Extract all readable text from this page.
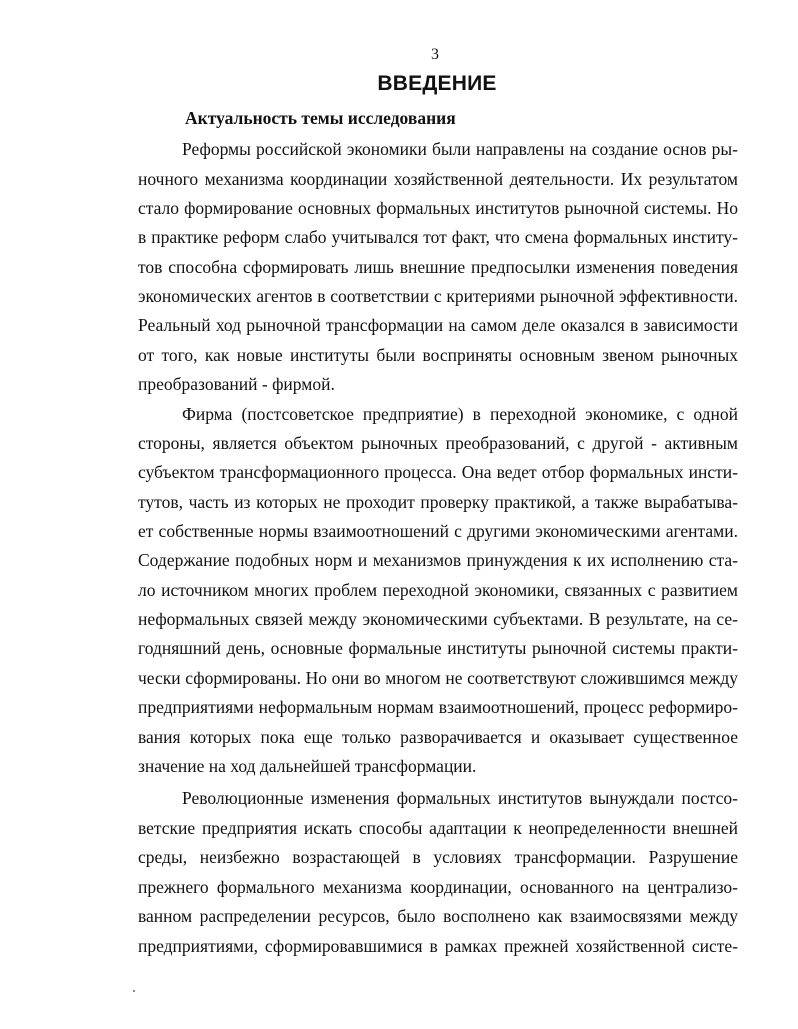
3
ВВЕДЕНИЕ
Актуальность темы исследования
Реформы российской экономики были направлены на создание основ ры-
ночного механизма координации хозяйственной деятельности. Их результатом
стало формирование основных формальных институтов рыночной системы. Но
в практике реформ слабо учитывался тот факт, что смена формальных институ-
тов способна сформировать лишь внешние предпосылки изменения поведения
экономических агентов в соответствии с критериями рыночной эффективности.
Реальный ход рыночной трансформации на самом деле оказался в зависимости
от того, как новые институты были восприняты основным звеном рыночных
преобразований - фирмой.
Фирма (постсоветское предприятие) в переходной экономике, с одной
стороны, является объектом рыночных преобразований, с другой - активным
субъектом трансформационного процесса. Она ведет отбор формальных инсти-
тутов, часть из которых не проходит проверку практикой, а также вырабатыва-
ет собственные нормы взаимоотношений с другими экономическими агентами.
Содержание подобных норм и механизмов принуждения к их исполнению ста-
ло источником многих проблем переходной экономики, связанных с развитием
неформальных связей между экономическими субъектами. В результате, на се-
годняшний день, основные формальные институты рыночной системы практи-
чески сформированы. Но они во многом не соответствуют сложившимся между
предприятиями неформальным нормам взаимоотношений, процесс реформиро-
вания которых пока еще только разворачивается и оказывает существенное
значение на ход дальнейшей трансформации.
Революционные изменения формальных институтов вынуждали постсо-
ветские предприятия искать способы адаптации к неопределенности внешней
среды, неизбежно возрастающей в условиях трансформации. Разрушение
прежнего формального механизма координации, основанного на централизо-
ванном распределении ресурсов, было восполнено как взаимосвязями между
предприятиями, сформировавшимися в рамках прежней хозяйственной систе-
